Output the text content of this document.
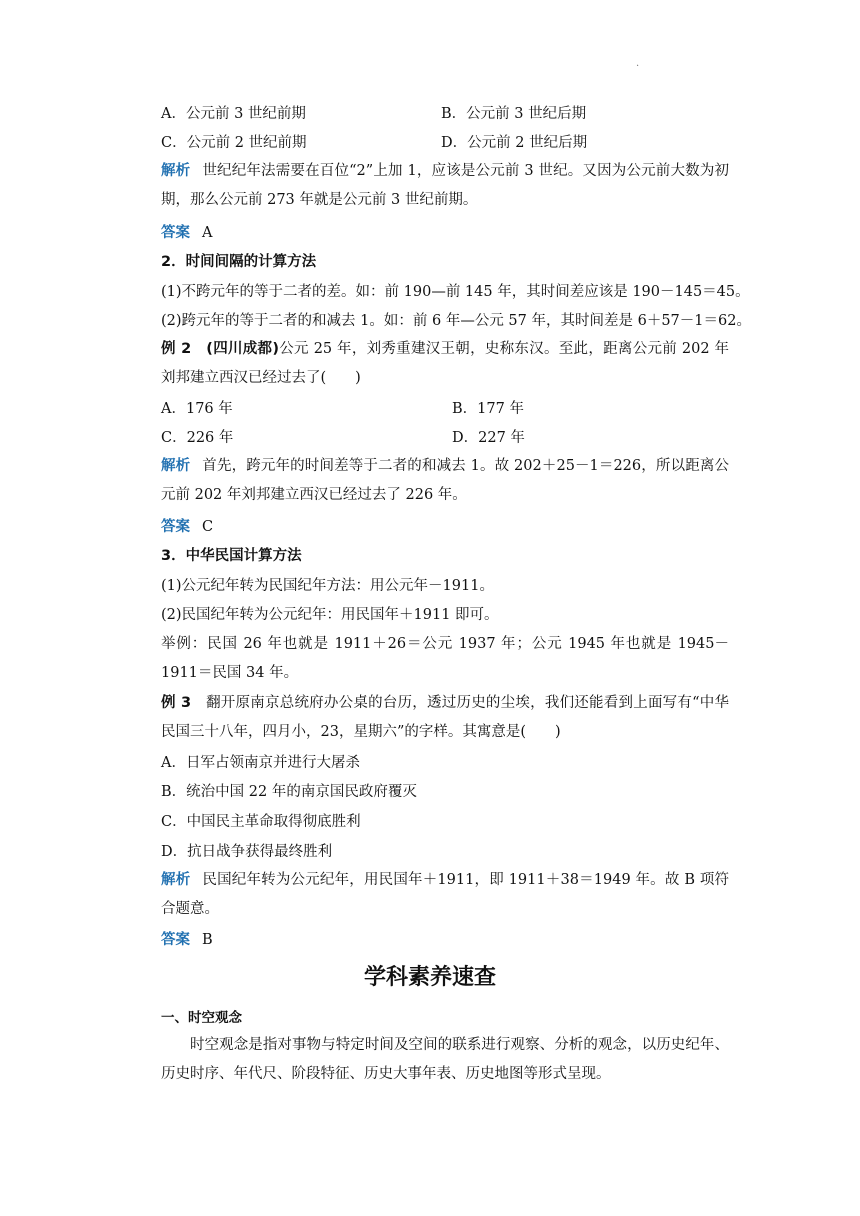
.
A．公元前 3 世纪前期	B．公元前 3 世纪后期
C．公元前 2 世纪前期	D．公元前 2 世纪后期
解析 世纪纪年法需要在百位“2”上加 1，应该是公元前 3 世纪。又因为公元前大数为初期，那么公元前 273 年就是公元前 3 世纪前期。
答案 A
2．时间间隔的计算方法
(1)不跨元年的等于二者的差。如：前 190—前 145 年，其时间差应该是 190－145＝45。
(2)跨元年的等于二者的和减去 1。如：前 6 年—公元 57 年，其时间差是 6＋57－1＝62。
例 2　 (四川成都)公元 25 年，刘秀重建汉王朝，史称东汉。至此，距离公元前 202 年刘邦建立西汉已经过去了(　　)
A．176 年	B．177 年
C．226 年	D．227 年
解析 首先，跨元年的时间差等于二者的和减去 1。故 202＋25－1＝226，所以距离公元前 202 年刘邦建立西汉已经过去了 226 年。
答案 C
3．中华民国计算方法
(1)公元纪年转为民国纪年方法：用公元年－1911。
(2)民国纪年转为公元纪年：用民国年＋1911 即可。
举例：民国 26 年也就是 1911＋26＝公元 1937 年；公元 1945 年也就是 1945－1911＝民国 34 年。
例 3　 翻开原南京总统府办公桌的台历，透过历史的尘埃，我们还能看到上面写有“中华民国三十八年，四月小，23，星期六”的字样。其寓意是(　　)
A．日军占领南京并进行大屠杀
B．统治中国 22 年的南京国民政府覆灭
C．中国民主革命取得彻底胜利
D．抗日战争获得最终胜利
解析 民国纪年转为公元纪年，用民国年＋1911，即 1911＋38＝1949 年。故 B 项符合题意。
答案 B
学科素养速查
一、时空观念
时空观念是指对事物与特定时间及空间的联系进行观察、分析的观念，以历史纪年、历史时序、年代尺、阶段特征、历史大事年表、历史地图等形式呈现。
